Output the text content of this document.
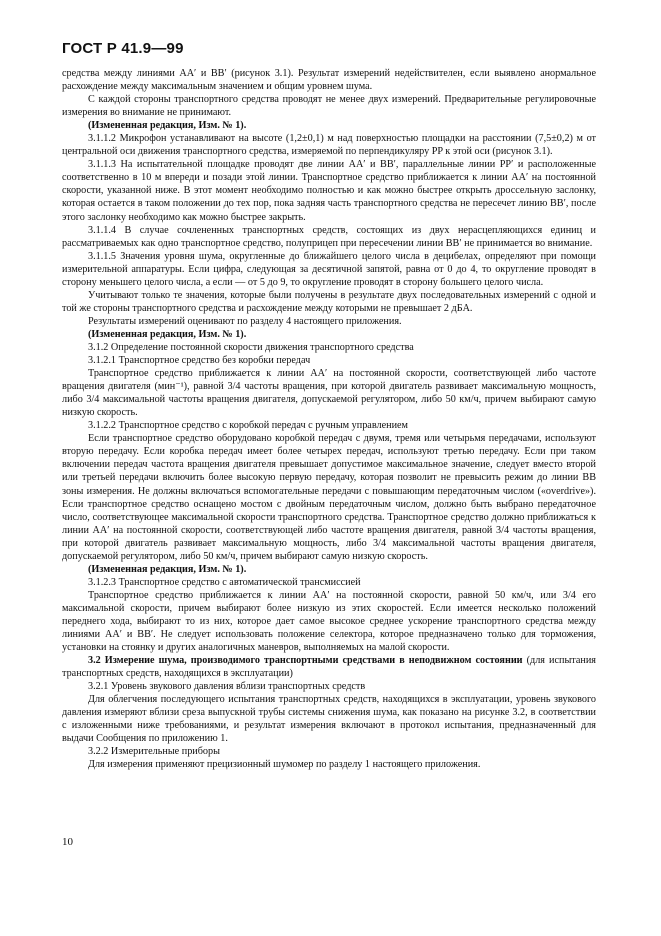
ГОСТ Р 41.9—99

средства между линиями AA′ и BB′ (рисунок 3.1). Результат измерений недействителен, если выявлено анормальное расхождение между максимальным значением и общим уровнем шума.

С каждой стороны транспортного средства проводят не менее двух измерений. Предварительные регулировочные измерения во внимание не принимают.

(Измененная редакция, Изм. № 1).

3.1.1.2 Микрофон устанавливают на высоте (1,2±0,1) м над поверхностью площадки на расстоянии (7,5±0,2) м от центральной оси движения транспортного средства, измеряемой по перпендикуляру PP к этой оси (рисунок 3.1).

3.1.1.3 На испытательной площадке проводят две линии AA′ и BB′, параллельные линии PP′ и расположенные соответственно в 10 м впереди и позади этой линии. Транспортное средство приближается к линии AA′ на постоянной скорости, указанной ниже. В этот момент необходимо полностью и как можно быстрее открыть дроссельную заслонку, которая остается в таком положении до тех пор, пока задняя часть транспортного средства не пересечет линию BB′, после этого заслонку необходимо как можно быстрее закрыть.

3.1.1.4 В случае сочлененных транспортных средств, состоящих из двух нерасцепляющихся единиц и рассматриваемых как одно транспортное средство, полуприцеп при пересечении линии BB′ не принимается во внимание.

3.1.1.5 Значения уровня шума, округленные до ближайшего целого числа в децибелах, определяют при помощи измерительной аппаратуры. Если цифра, следующая за десятичной запятой, равна от 0 до 4, то округление проводят в сторону меньшего целого числа, а если — от 5 до 9, то округление проводят в сторону большего целого числа.

Учитывают только те значения, которые были получены в результате двух последовательных измерений с одной и той же стороны транспортного средства и расхождение между которыми не превышает 2 дБA.

Результаты измерений оценивают по разделу 4 настоящего приложения.

(Измененная редакция, Изм. № 1).

3.1.2 Определение постоянной скорости движения транспортного средства

3.1.2.1 Транспортное средство без коробки передач

Транспортное средство приближается к линии AA′ на постоянной скорости, соответствующей либо частоте вращения двигателя (мин⁻¹), равной 3/4 частоты вращения, при которой двигатель развивает максимальную мощность, либо 3/4 максимальной частоты вращения двигателя, допускаемой регулятором, либо 50 км/ч, причем выбирают самую низкую скорость.

3.1.2.2 Транспортное средство с коробкой передач с ручным управлением

Если транспортное средство оборудовано коробкой передач с двумя, тремя или четырьмя передачами, используют вторую передачу. Если коробка передач имеет более четырех передач, используют третью передачу. Если при таком включении передач частота вращения двигателя превышает допустимое максимальное значение, следует вместо второй или третьей передачи включить более высокую первую передачу, которая позволит не превысить режим до линии BB зоны измерения. Не должны включаться вспомогательные передачи с повышающим передаточным числом («overdrive»). Если транспортное средство оснащено мостом с двойным передаточным числом, должно быть выбрано передаточное число, соответствующее максимальной скорости транспортного средства. Транспортное средство должно приближаться к линии AA′ на постоянной скорости, соответствующей либо частоте вращения двигателя, равной 3/4 частоты вращения, при которой двигатель развивает максимальную мощность, либо 3/4 максимальной частоты вращения двигателя, допускаемой регулятором, либо 50 км/ч, причем выбирают самую низкую скорость.

(Измененная редакция, Изм. № 1).

3.1.2.3 Транспортное средство с автоматической трансмиссией

Транспортное средство приближается к линии AA′ на постоянной скорости, равной 50 км/ч, или 3/4 его максимальной скорости, причем выбирают более низкую из этих скоростей. Если имеется несколько положений переднего хода, выбирают то из них, которое дает самое высокое среднее ускорение транспортного средства между линиями AA′ и BB′. Не следует использовать положение селектора, которое предназначено только для торможения, установки на стоянку и других аналогичных маневров, выполняемых на малой скорости.

3.2 Измерение шума, производимого транспортными средствами в неподвижном состоянии (для испытания транспортных средств, находящихся в эксплуатации)

3.2.1 Уровень звукового давления вблизи транспортных средств

Для облегчения последующего испытания транспортных средств, находящихся в эксплуатации, уровень звукового давления измеряют вблизи среза выпускной трубы системы снижения шума, как показано на рисунке 3.2, в соответствии с изложенными ниже требованиями, и результат измерения включают в протокол испытания, предназначенный для выдачи Сообщения по приложению 1.

3.2.2 Измерительные приборы

Для измерения применяют прецизионный шумомер по разделу 1 настоящего приложения.

10
